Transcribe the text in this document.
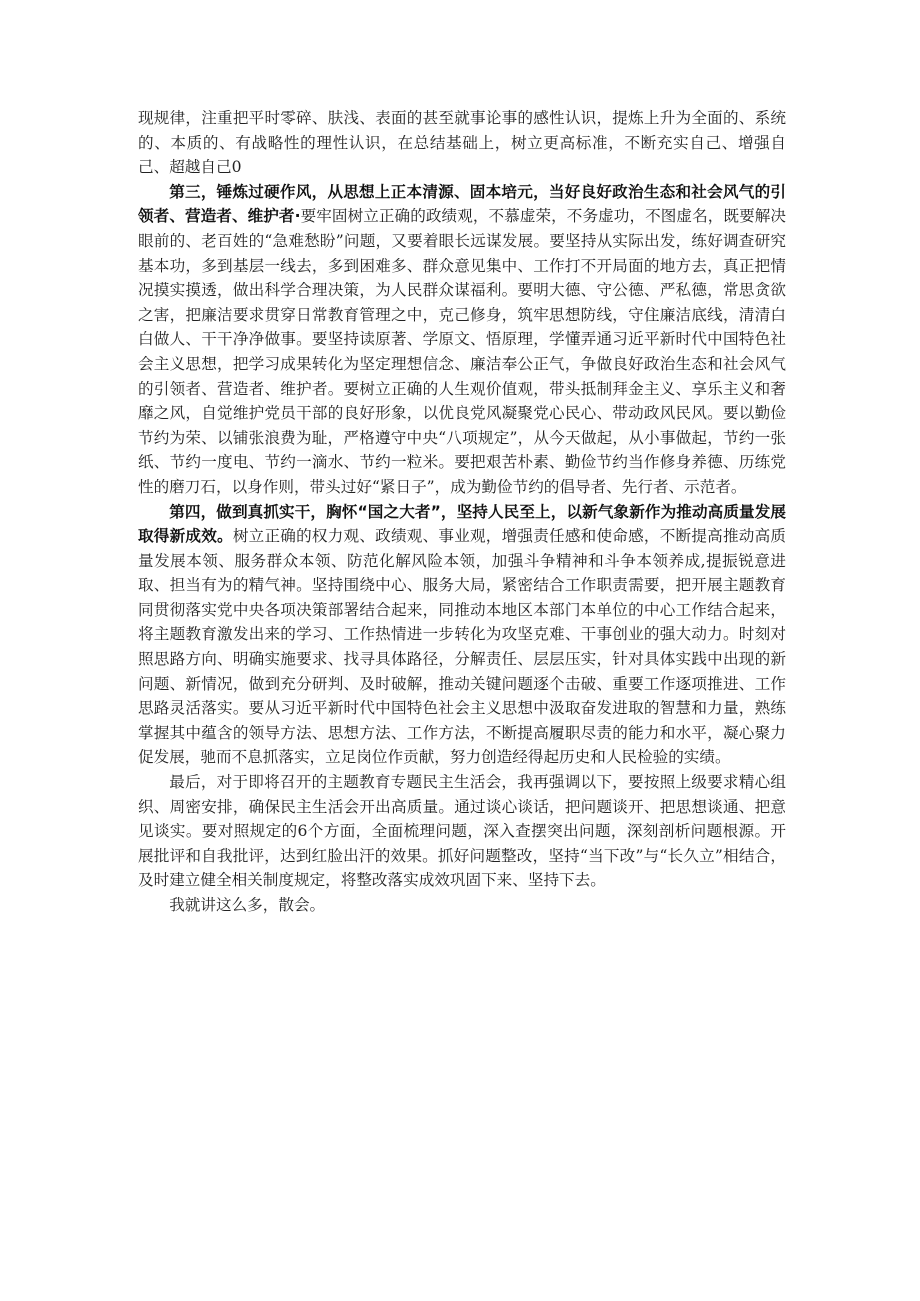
现规律，注重把平时零碎、肤浅、表面的甚至就事论事的感性认识，提炼上升为全面的、系统的、本质的、有战略性的理性认识，在总结基础上，树立更高标准，不断充实自己、增强自己、超越自己0

第三，锤炼过硬作风，从思想上正本清源、固本培元，当好良好政治生态和社会风气的引领者、营造者、维护者·要牢固树立正确的政绩观，不慕虚荣，不务虚功，不图虚名，既要解决眼前的、老百姓的“急难愁盼”问题，又要着眼长远谋发展。要坚持从实际出发，练好调查研究基本功，多到基层一线去，多到困难多、群众意见集中、工作打不开局面的地方去，真正把情况摸实摸透，做出科学合理决策，为人民群众谋福利。要明大德、守公德、严私德，常思贪欲之害，把廉洁要求贯穿日常教育管理之中，克己修身，筑牢思想防线，守住廉洁底线，清清白白做人、干干净净做事。要坚持读原著、学原文、悟原理，学懂弄通习近平新时代中国特色社会主义思想，把学习成果转化为坚定理想信念、廉洁奉公正气，争做良好政治生态和社会风气的引领者、营造者、维护者。要树立正确的人生观价值观，带头抵制拜金主义、享乐主义和奢靡之风，自觉维护党员干部的良好形象，以优良党风凝聚党心民心、带动政风民风。要以勤俭节约为荣、以铺张浪费为耻，严格遵守中央“八项规定”，从今天做起，从小事做起，节约一张纸、节约一度电、节约一滴水、节约一粒米。要把艰苦朴素、勤俭节约当作修身养德、历练党性的磨刀石，以身作则，带头过好“紧日子”，成为勤俭节约的倡导者、先行者、示范者。

第四，做到真抓实干，胸怀“国之大者”，坚持人民至上，以新气象新作为推动高质量发展取得新成效。树立正确的权力观、政绩观、事业观，增强责任感和使命感，不断提高推动高质量发展本领、服务群众本领、防范化解风险本领，加强斗争精神和斗争本领养成,提振锐意进取、担当有为的精气神。坚持围绕中心、服务大局，紧密结合工作职责需要，把开展主题教育同贯彻落实党中央各项决策部署结合起来，同推动本地区本部门本单位的中心工作结合起来，将主题教育激发出来的学习、工作热情进一步转化为攻坚克难、干事创业的强大动力。时刻对照思路方向、明确实施要求、找寻具体路径，分解责任、层层压实，针对具体实践中出现的新问题、新情况，做到充分研判、及时破解，推动关键问题逐个击破、重要工作逐项推进、工作思路灵活落实。要从习近平新时代中国特色社会主义思想中汲取奋发进取的智慧和力量，熟练掌握其中蕴含的领导方法、思想方法、工作方法，不断提高履职尽责的能力和水平，凝心聚力促发展，驰而不息抓落实，立足岗位作贡献，努力创造经得起历史和人民检验的实绩。

最后，对于即将召开的主题教育专题民主生活会，我再强调以下，要按照上级要求精心组织、周密安排，确保民主生活会开出高质量。通过谈心谈话，把问题谈开、把思想谈通、把意见谈实。要对照规定的6个方面，全面梳理问题，深入查摆突出问题，深刻剖析问题根源。开展批评和自我批评，达到红脸出汗的效果。抓好问题整改，坚持“当下改”与“长久立”相结合，及时建立健全相关制度规定，将整改落实成效巩固下来、坚持下去。

我就讲这么多，散会。
